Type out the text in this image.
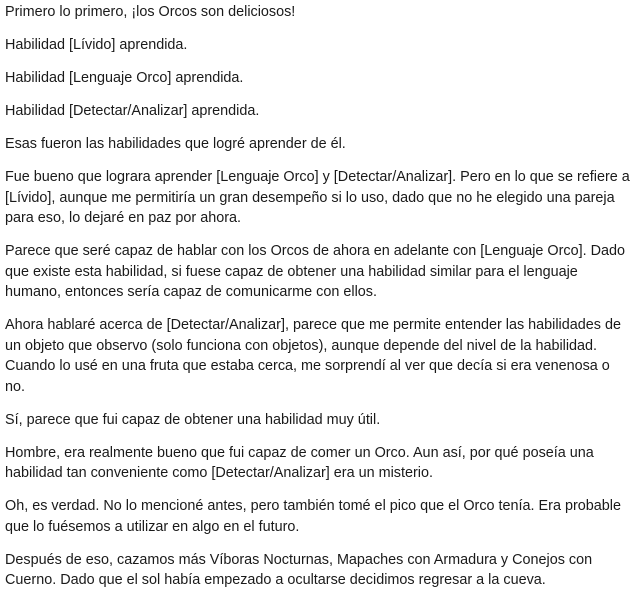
Primero lo primero, ¡los Orcos son deliciosos!

Habilidad [Lívido] aprendida.

Habilidad [Lenguaje Orco] aprendida.

Habilidad [Detectar/Analizar] aprendida.

Esas fueron las habilidades que logré aprender de él.

Fue bueno que lograra aprender [Lenguaje Orco] y [Detectar/Analizar]. Pero en lo que se refiere a [Lívido], aunque me permitiría un gran desempeño si lo uso, dado que no he elegido una pareja para eso, lo dejaré en paz por ahora.

Parece que seré capaz de hablar con los Orcos de ahora en adelante con [Lenguaje Orco]. Dado que existe esta habilidad, si fuese capaz de obtener una habilidad similar para el lenguaje humano, entonces sería capaz de comunicarme con ellos.

Ahora hablaré acerca de [Detectar/Analizar], parece que me permite entender las habilidades de un objeto que observo (solo funciona con objetos), aunque depende del nivel de la habilidad. Cuando lo usé en una fruta que estaba cerca, me sorprendí al ver que decía si era venenosa o no.

Sí, parece que fui capaz de obtener una habilidad muy útil.

Hombre, era realmente bueno que fui capaz de comer un Orco. Aun así, por qué poseía una habilidad tan conveniente como [Detectar/Analizar] era un misterio.

Oh, es verdad. No lo mencioné antes, pero también tomé el pico que el Orco tenía. Era probable que lo fuésemos a utilizar en algo en el futuro.

Después de eso, cazamos más Víboras Nocturnas, Mapaches con Armadura y Conejos con Cuerno. Dado que el sol había empezado a ocultarse decidimos regresar a la cueva.
